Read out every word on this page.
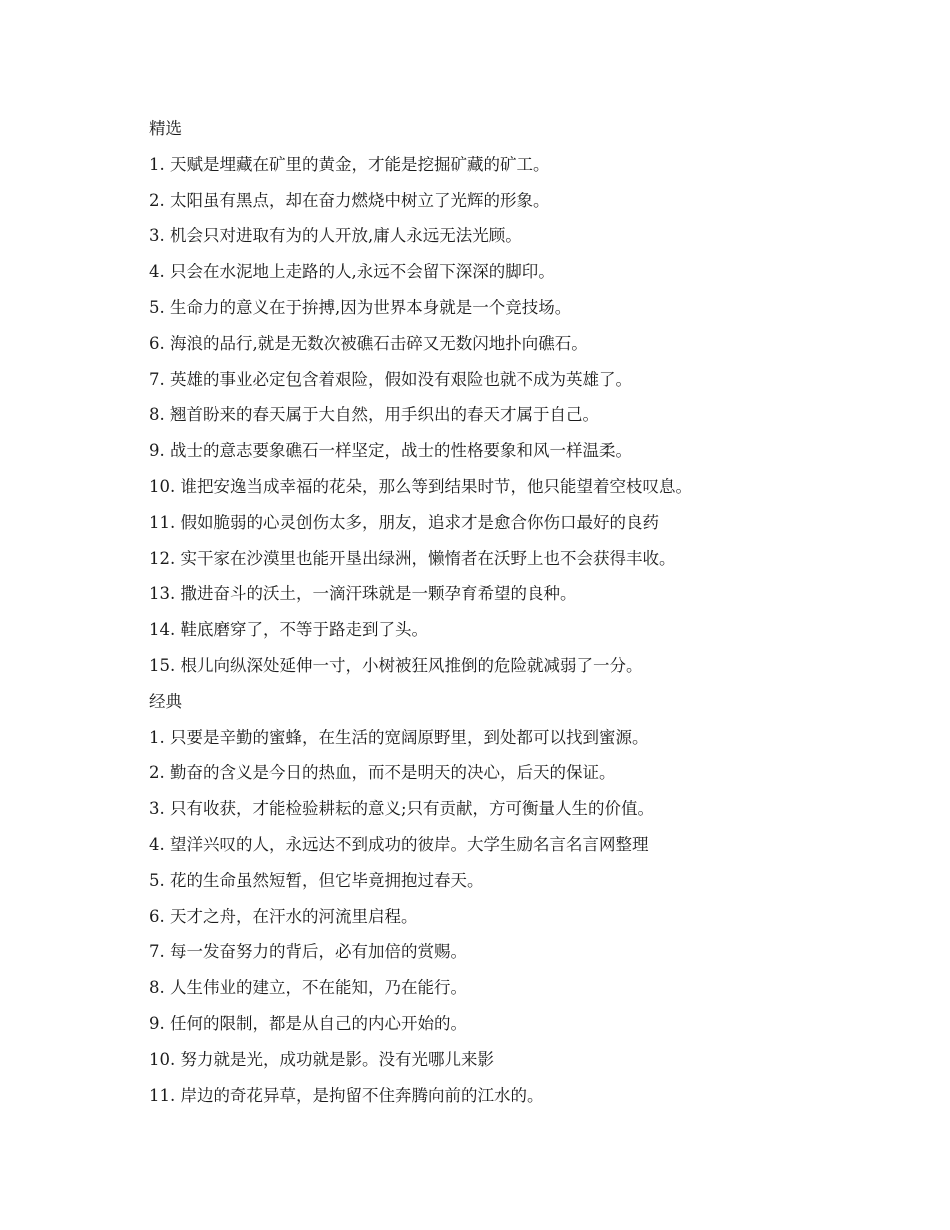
精选
1. 天赋是埋藏在矿里的黄金，才能是挖掘矿藏的矿工。
2. 太阳虽有黑点，却在奋力燃烧中树立了光辉的形象。
3. 机会只对进取有为的人开放,庸人永远无法光顾。
4. 只会在水泥地上走路的人,永远不会留下深深的脚印。
5. 生命力的意义在于拚搏,因为世界本身就是一个竞技场。
6. 海浪的品行,就是无数次被礁石击碎又无数闪地扑向礁石。
7. 英雄的事业必定包含着艰险，假如没有艰险也就不成为英雄了。
8. 翘首盼来的春天属于大自然，用手织出的春天才属于自己。
9. 战士的意志要象礁石一样坚定，战士的性格要象和风一样温柔。
10. 谁把安逸当成幸福的花朵，那么等到结果时节，他只能望着空枝叹息。
11. 假如脆弱的心灵创伤太多，朋友，追求才是愈合你伤口最好的良药
12. 实干家在沙漠里也能开垦出绿洲，懒惰者在沃野上也不会获得丰收。
13. 撒进奋斗的沃土，一滴汗珠就是一颗孕育希望的良种。
14. 鞋底磨穿了，不等于路走到了头。
15. 根儿向纵深处延伸一寸，小树被狂风推倒的危险就减弱了一分。
经典
1. 只要是辛勤的蜜蜂，在生活的宽阔原野里，到处都可以找到蜜源。
2. 勤奋的含义是今日的热血，而不是明天的决心，后天的保证。
3. 只有收获，才能检验耕耘的意义;只有贡献，方可衡量人生的价值。
4. 望洋兴叹的人，永远达不到成功的彼岸。大学生励名言名言网整理
5. 花的生命虽然短暂，但它毕竟拥抱过春天。
6. 天才之舟，在汗水的河流里启程。
7. 每一发奋努力的背后，必有加倍的赏赐。
8. 人生伟业的建立，不在能知，乃在能行。
9. 任何的限制，都是从自己的内心开始的。
10. 努力就是光，成功就是影。没有光哪儿来影
11. 岸边的奇花异草，是拘留不住奔腾向前的江水的。
